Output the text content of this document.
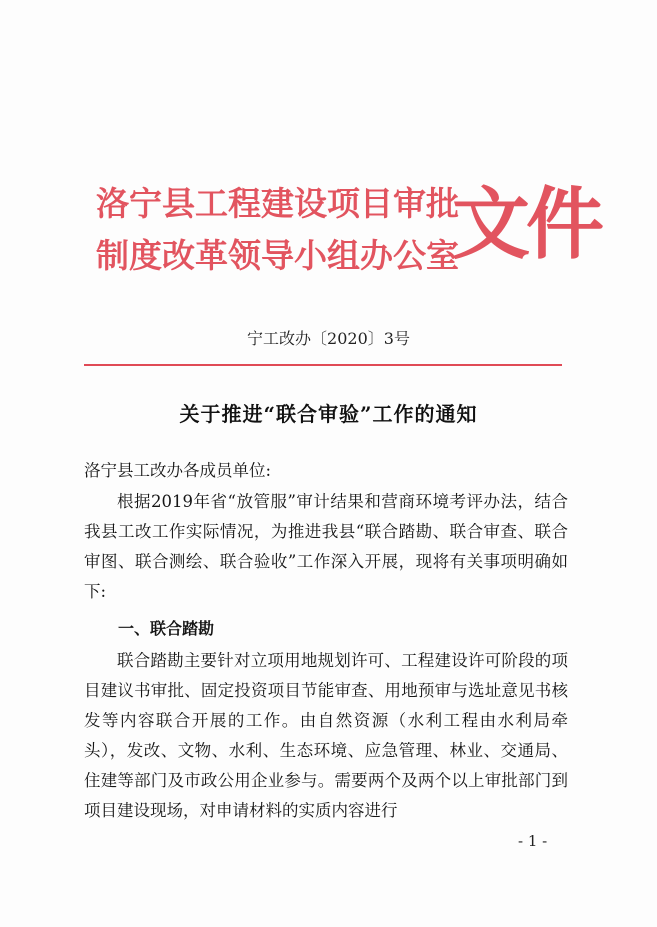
洛宁县工程建设项目审批
制度改革领导小组办公室
文件
宁工改办〔2020〕3号
关于推进“联合审验”工作的通知
洛宁县工改办各成员单位:
根据2019年省“放管服”审计结果和营商环境考评办法，结合我县工改工作实际情况，为推进我县“联合踏勘、联合审查、联合审图、联合测绘、联合验收”工作深入开展，现将有关事项明确如下:
一、联合踏勘
联合踏勘主要针对立项用地规划许可、工程建设许可阶段的项目建议书审批、固定投资项目节能审查、用地预审与选址意见书核发等内容联合开展的工作。由自然资源（水利工程由水利局牵头），发改、文物、水利、生态环境、应急管理、林业、交通局、住建等部门及市政公用企业参与。需要两个及两个以上审批部门到项目建设现场，对申请材料的实质内容进行
- 1 -
